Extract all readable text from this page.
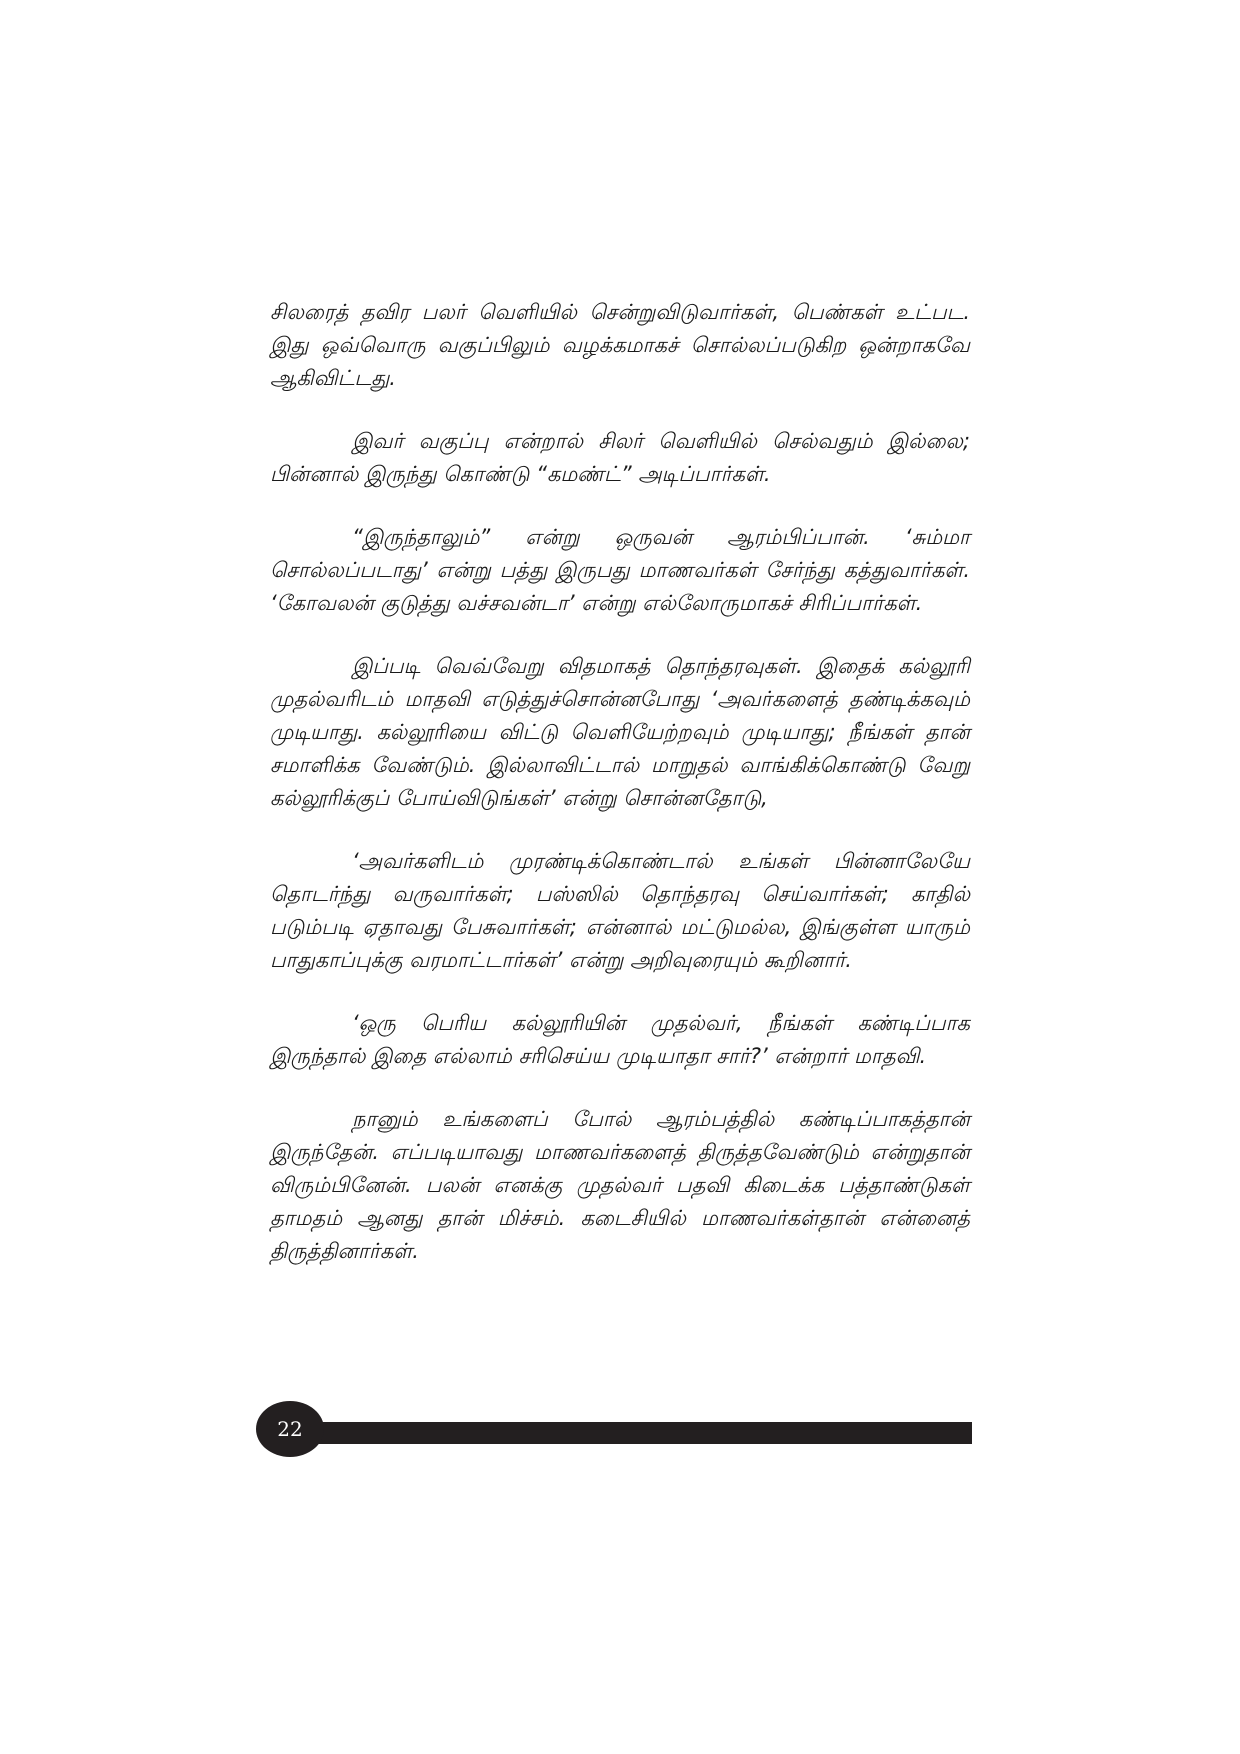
சிலரைத் தவிர பலர் வெளியில் சென்றுவிடுவார்கள், பெண்கள் உட்பட. இது ஒவ்வொரு வகுப்பிலும் வழக்கமாகச் சொல்லப்படுகிற ஒன்றாகவே ஆகிவிட்டது.

இவர் வகுப்பு என்றால் சிலர் வெளியில் செல்வதும் இல்லை; பின்னால் இருந்து கொண்டு “கமண்ட்” அடிப்பார்கள்.

“இருந்தாலும்” என்று ஒருவன் ஆரம்பிப்பான். ‘சும்மா சொல்லப்படாது’ என்று பத்து இருபது மாணவர்கள் சேர்ந்து கத்துவார்கள். ‘கோவலன் குடுத்து வச்சவன்டா’ என்று எல்லோருமாகச் சிரிப்பார்கள்.

இப்படி வெவ்வேறு விதமாகத் தொந்தரவுகள். இதைக் கல்லூரி முதல்வரிடம் மாதவி எடுத்துச்சொன்னபோது ‘அவர்களைத் தண்டிக்கவும் முடியாது. கல்லூரியை விட்டு வெளியேற்றவும் முடியாது; நீங்கள் தான் சமாளிக்க வேண்டும். இல்லாவிட்டால் மாறுதல் வாங்கிக்கொண்டு வேறு கல்லூரிக்குப் போய்விடுங்கள்’ என்று சொன்னதோடு,

‘அவர்களிடம் முரண்டிக்கொண்டால் உங்கள் பின்னாலேயே தொடர்ந்து வருவார்கள்; பஸ்ஸில் தொந்தரவு செய்வார்கள்; காதில் படும்படி ஏதாவது பேசுவார்கள்; என்னால் மட்டுமல்ல, இங்குள்ள யாரும் பாதுகாப்புக்கு வரமாட்டார்கள்’ என்று அறிவுரையும் கூறினார்.

‘ஒரு பெரிய கல்லூரியின் முதல்வர், நீங்கள் கண்டிப்பாக இருந்தால் இதை எல்லாம் சரிசெய்ய முடியாதா சார்?’ என்றார் மாதவி.

நானும் உங்களைப் போல் ஆரம்பத்தில் கண்டிப்பாகத்தான் இருந்தேன். எப்படியாவது மாணவர்களைத் திருத்தவேண்டும் என்றுதான் விரும்பினேன். பலன் எனக்கு முதல்வர் பதவி கிடைக்க பத்தாண்டுகள் தாமதம் ஆனது தான் மிச்சம். கடைசியில் மாணவர்கள்தான் என்னைத் திருத்தினார்கள்.

22
